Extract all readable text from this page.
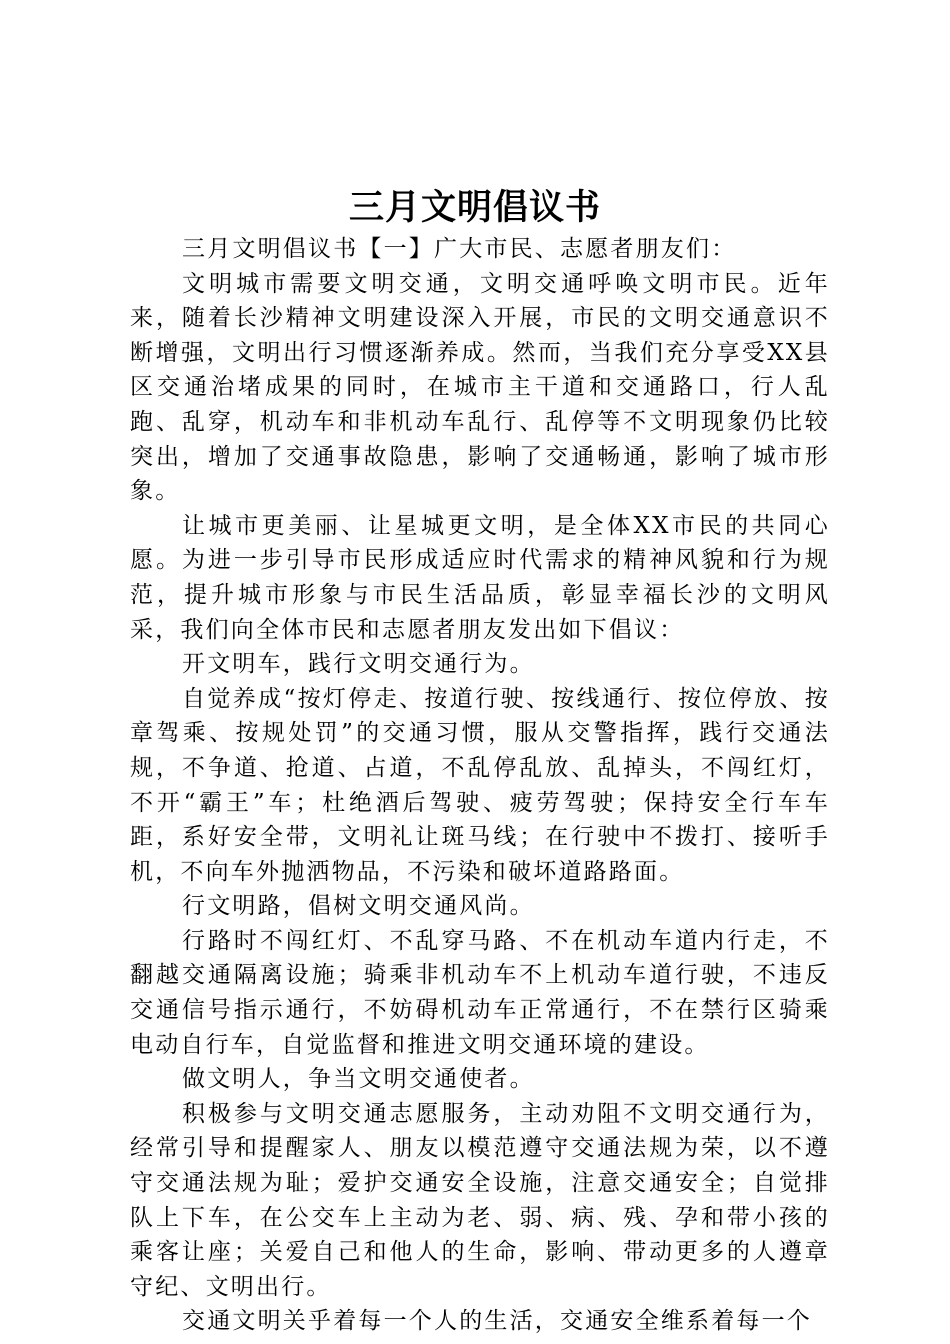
三月文明倡议书

三月文明倡议书【一】广大市民、志愿者朋友们：

文明城市需要文明交通，文明交通呼唤文明市民。近年来，随着长沙精神文明建设深入开展，市民的文明交通意识不断增强，文明出行习惯逐渐养成。然而，当我们充分享受XX县区交通治堵成果的同时，在城市主干道和交通路口，行人乱跑、乱穿，机动车和非机动车乱行、乱停等不文明现象仍比较突出，增加了交通事故隐患，影响了交通畅通，影响了城市形象。

让城市更美丽、让星城更文明，是全体XX市民的共同心愿。为进一步引导市民形成适应时代需求的精神风貌和行为规范，提升城市形象与市民生活品质，彰显幸福长沙的文明风采，我们向全体市民和志愿者朋友发出如下倡议：

开文明车，践行文明交通行为。

自觉养成“按灯停走、按道行驶、按线通行、按位停放、按章驾乘、按规处罚”的交通习惯，服从交警指挥，践行交通法规，不争道、抢道、占道，不乱停乱放、乱掉头，不闯红灯，不开“霸王”车；杜绝酒后驾驶、疲劳驾驶；保持安全行车车距，系好安全带，文明礼让斑马线；在行驶中不拨打、接听手机，不向车外抛洒物品，不污染和破坏道路路面。

行文明路，倡树文明交通风尚。

行路时不闯红灯、不乱穿马路、不在机动车道内行走，不翻越交通隔离设施；骑乘非机动车不上机动车道行驶，不违反交通信号指示通行，不妨碍机动车正常通行，不在禁行区骑乘电动自行车，自觉监督和推进文明交通环境的建设。

做文明人，争当文明交通使者。

积极参与文明交通志愿服务，主动劝阻不文明交通行为，经常引导和提醒家人、朋友以模范遵守交通法规为荣，以不遵守交通法规为耻；爱护交通安全设施，注意交通安全；自觉排队上下车，在公交车上主动为老、弱、病、残、孕和带小孩的乘客让座；关爱自己和他人的生命，影响、带动更多的人遵章守纪、文明出行。

交通文明关乎着每一个人的生活，交通安全维系着每一个
